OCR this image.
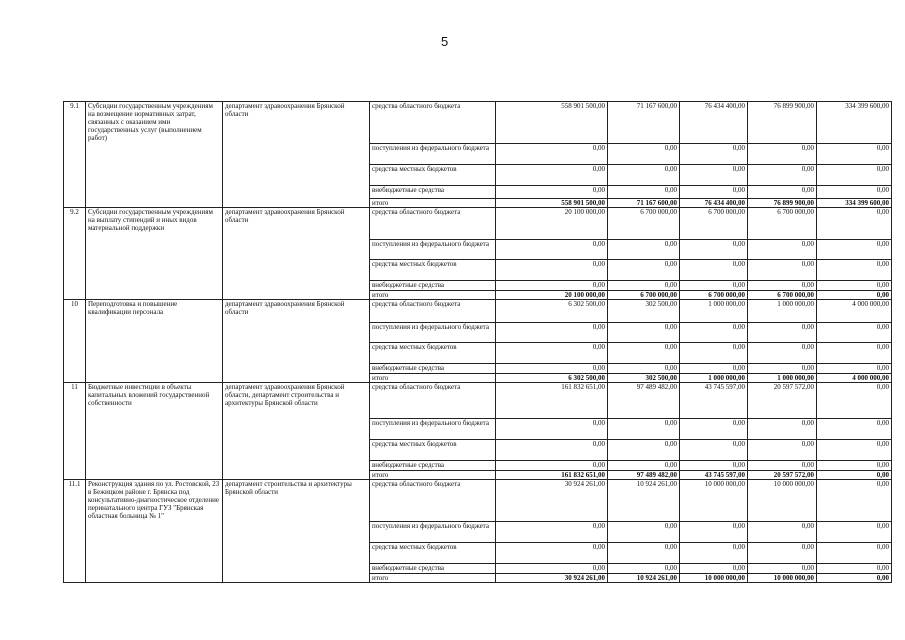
5
9.1	Субсидии государственным учреждениям на возмещение нормативных затрат, связанных с оказанием ими государственных услуг (выполнением работ)	департамент здравоохранения Брянской области	средства областного бюджета	558 901 500,00	71 167 600,00	76 434 400,00	76 899 900,00	334 399 600,00
			поступления из федерального бюджета	0,00	0,00	0,00	0,00	0,00
			средства местных бюджетов	0,00	0,00	0,00	0,00	0,00
			внебюджетные средства	0,00	0,00	0,00	0,00	0,00
			итого	558 901 500,00	71 167 600,00	76 434 400,00	76 899 900,00	334 399 600,00
9.2	Субсидии государственным учреждениям на выплату стипендий и иных видов материальной поддержки	департамент здравоохранения Брянской области	средства областного бюджета	20 100 000,00	6 700 000,00	6 700 000,00	6 700 000,00	0,00
			поступления из федерального бюджета	0,00	0,00	0,00	0,00	0,00
			средства местных бюджетов	0,00	0,00	0,00	0,00	0,00
			внебюджетные средства	0,00	0,00	0,00	0,00	0,00
			итого	20 100 000,00	6 700 000,00	6 700 000,00	6 700 000,00	0,00
10	Переподготовка и повышение квалификации персонала	департамент здравоохранения Брянской области	средства областного бюджета	6 302 500,00	302 500,00	1 000 000,00	1 000 000,00	4 000 000,00
			поступления из федерального бюджета	0,00	0,00	0,00	0,00	0,00
			средства местных бюджетов	0,00	0,00	0,00	0,00	0,00
			внебюджетные средства	0,00	0,00	0,00	0,00	0,00
			итого	6 302 500,00	302 500,00	1 000 000,00	1 000 000,00	4 000 000,00
11	Бюджетные инвестиции в объекты капитальных вложений государственной собственности	департамент здравоохранения Брянской области, департамент строительства и архитектуры Брянской области	средства областного бюджета	161 832 651,00	97 489 482,00	43 745 597,00	20 597 572,00	0,00
			поступления из федерального бюджета	0,00	0,00	0,00	0,00	0,00
			средства местных бюджетов	0,00	0,00	0,00	0,00	0,00
			внебюджетные средства	0,00	0,00	0,00	0,00	0,00
			итого	161 832 651,00	97 489 482,00	43 745 597,00	20 597 572,00	0,00
11.1	Реконструкция здания по ул. Ростовской, 23 в Бежицком районе г. Брянска под консультативно-диагностическое отделение перинатального центра ГУЗ "Брянская областная больница № 1"	департамент строительства и архитектуры Брянской области	средства областного бюджета	30 924 261,00	10 924 261,00	10 000 000,00	10 000 000,00	0,00
			поступления из федерального бюджета	0,00	0,00	0,00	0,00	0,00
			средства местных бюджетов	0,00	0,00	0,00	0,00	0,00
			внебюджетные средства	0,00	0,00	0,00	0,00	0,00
			итого	30 924 261,00	10 924 261,00	10 000 000,00	10 000 000,00	0,00
